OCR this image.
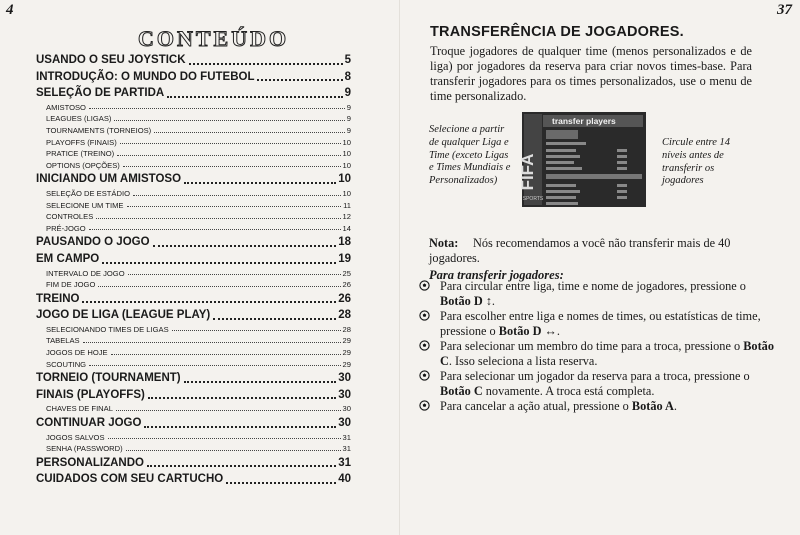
4	37
CONTEÚDO
USANDO O SEU JOYSTICK	5
INTRODUÇÃO: O MUNDO DO FUTEBOL	8
SELEÇÃO DE PARTIDA	9
AMISTOSO	9
LEAGUES (LIGAS)	9
TOURNAMENTS (TORNEIOS)	9
PLAYOFFS (FINAIS)	10
PRATICE (TREINO)	10
OPTIONS (OPÇÕES)	10
INICIANDO UM AMISTOSO	10
SELEÇÃO DE ESTÁDIO	10
SELECIONE UM TIME	11
CONTROLES	12
PRÉ-JOGO	14
PAUSANDO O JOGO	18
EM CAMPO	19
INTERVALO DE JOGO	25
FIM DE JOGO	26
TREINO	26
JOGO DE LIGA (LEAGUE PLAY)	28
SELECIONANDO TIMES DE LIGAS	28
TABELAS	29
JOGOS DE HOJE	29
SCOUTING	29
TORNEIO (TOURNAMENT)	30
FINAIS (PLAYOFFS)	30
CHAVES DE FINAL	30
CONTINUAR JOGO	30
JOGOS SALVOS	31
SENHA (PASSWORD)	31
PERSONALIZANDO	31
CUIDADOS COM SEU CARTUCHO	40
TRANSFERÊNCIA DE JOGADORES.
Troque jogadores de qualquer time (menos personalizados e de liga) por jogadores da reserva para criar novos times-base. Para transferir jogadores para os times personalizados, use o menu de time personalizado.
Selecione a partir de qualquer Liga e Time (exceto Ligas e Times Mundiais e Personalizados)	FIFA
SPORTS
transfer players
Circule entre 14 níveis antes de transferir os jogadores
Nota: Nós recomendamos a você não transferir mais de 40 jogadores.
Para transferir jogadores:
Para circular entre liga, time e nome de jogadores, pressione o Botão D ↕.
Para escolher entre liga e nomes de times, ou estatísticas de time, pressione o Botão D ↔.
Para selecionar um membro do time para a troca, pressione o Botão C. Isso seleciona a lista reserva.
Para selecionar um jogador da reserva para a troca, pressione o Botão C novamente. A troca está completa.
Para cancelar a ação atual, pressione o Botão A.
